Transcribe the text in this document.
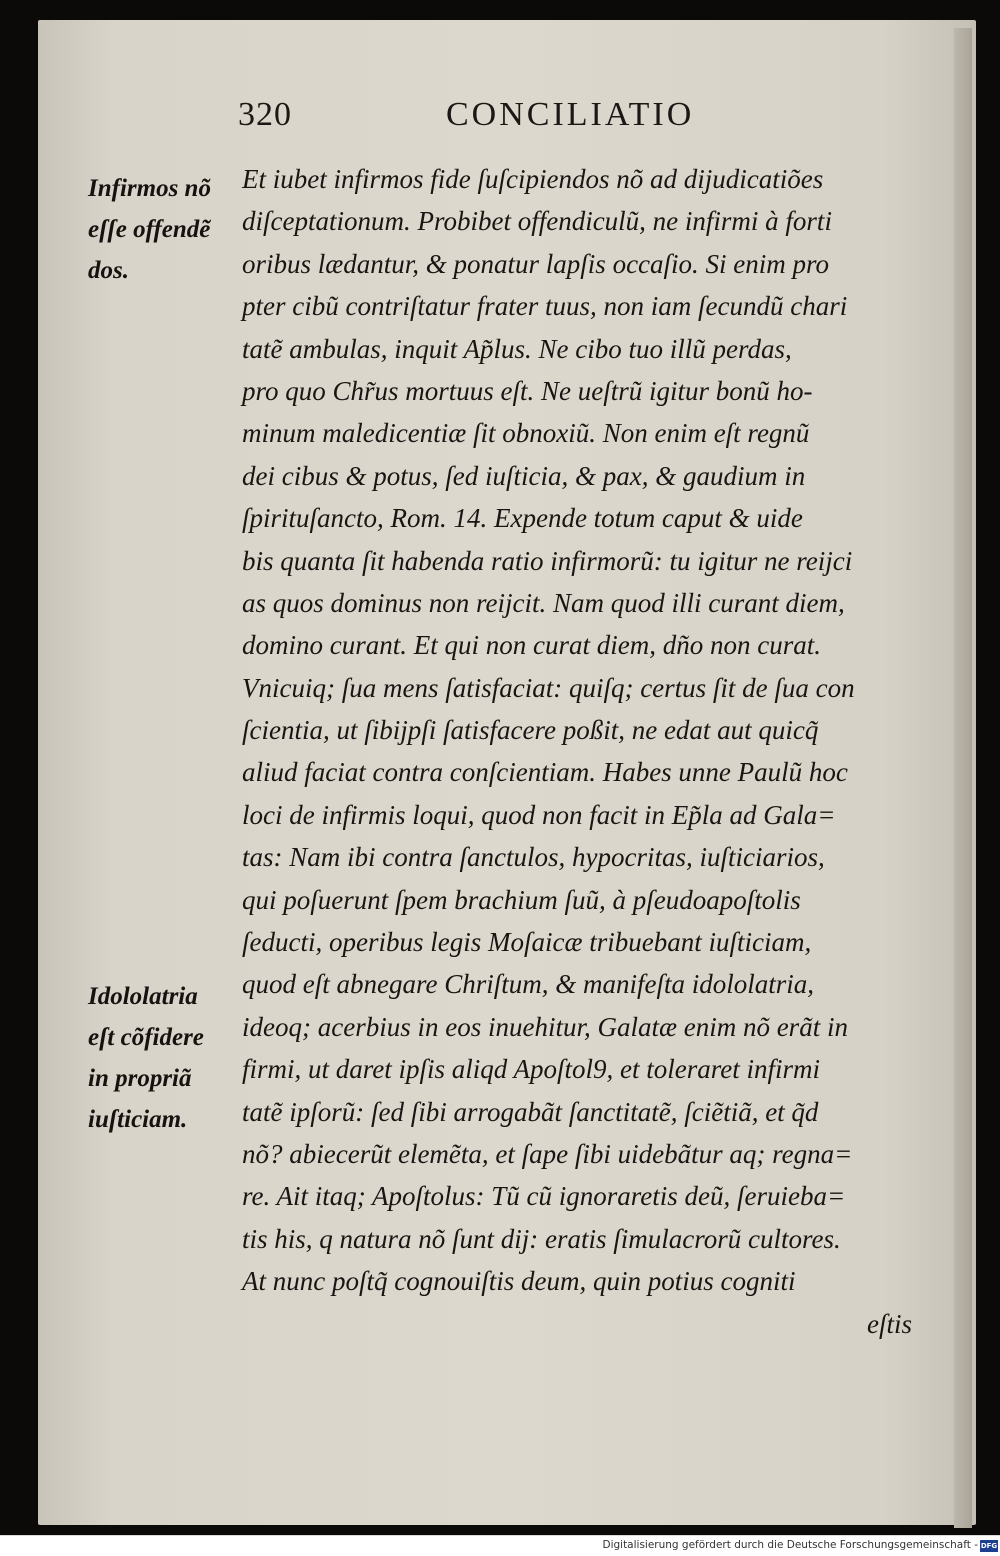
320	CONCILIATIO
Infirmos nõ
eſſe offendẽ
dos.
Idololatria
eſt cõfidere
in propriã
iuſticiam.
Et iubet infirmos fide ſuſcipiendos nõ ad dijudicatiões
diſceptationum. Probibet offendiculũ, ne infirmi à forti
oribus lædantur, & ponatur lapſis occaſio. Si enim pro
pter cibũ contriſtatur frater tuus, non iam ſecundũ chari
tatẽ ambulas, inquit Ap̃lus. Ne cibo tuo illũ perdas,
pro quo Chr̃us mortuus eſt. Ne ueſtrũ igitur bonũ ho-
minum maledicentiæ ſit obnoxiũ. Non enim eſt regnũ
dei cibus & potus, ſed iuſticia, & pax, & gaudium in
ſpirituſancto, Rom. 14. Expende totum caput & uide
bis quanta ſit habenda ratio infirmorũ: tu igitur ne reijci
as quos dominus non reijcit. Nam quod illi curant diem,
domino curant. Et qui non curat diem, dño non curat.
Vnicuiq; ſua mens ſatisfaciat: quiſq; certus ſit de ſua con
ſcientia, ut ſibijpſi ſatisfacere poßit, ne edat aut quicq̃
aliud faciat contra conſcientiam. Habes unne Paulũ hoc
loci de infirmis loqui, quod non facit in Ep̃la ad Gala=
tas: Nam ibi contra ſanctulos, hypocritas, iuſticiarios,
qui poſuerunt ſpem brachium ſuũ, à pſeudoapoſtolis
ſeducti, operibus legis Moſaicæ tribuebant iuſticiam,
quod eſt abnegare Chriſtum, & manifeſta idololatria,
ideoq; acerbius in eos inuehitur, Galatæ enim nõ erãt in
firmi, ut daret ipſis aliqd Apoſtol9, et toleraret infirmi
tatẽ ipſorũ: ſed ſibi arrogabãt ſanctitatẽ, ſciẽtiã, et q̃d
nõ? abiecerũt elemẽta, et ſape ſibi uidebãtur aq; regna=
re. Ait itaq; Apoſtolus: Tũ cũ ignoraretis deũ, ſeruieba=
tis his, q natura nõ ſunt dij: eratis ſimulacrorũ cultores.
At nunc poſtq̃ cognouiſtis deum, quin potius cogniti
eſtis
Digitalisierung gefördert durch die Deutsche Forschungsgemeinschaft - DFG
